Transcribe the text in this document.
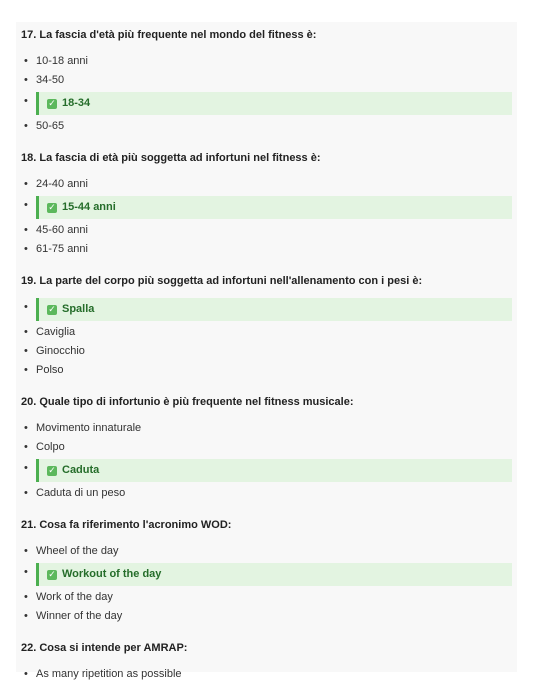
17. La fascia d'età più frequente nel mondo del fitness è:

• 10-18 anni
• 34-50
• ✓ 18-34
• 50-65

18. La fascia di età più soggetta ad infortuni nel fitness è:

• 24-40 anni
• ✓ 15-44 anni
• 45-60 anni
• 61-75 anni

19. La parte del corpo più soggetta ad infortuni nell'allenamento con i pesi è:

• ✓ Spalla
• Caviglia
• Ginocchio
• Polso

20. Quale tipo di infortunio è più frequente nel fitness musicale:

• Movimento innaturale
• Colpo
• ✓ Caduta
• Caduta di un peso

21. Cosa fa riferimento l'acronimo WOD:

• Wheel of the day
• ✓ Workout of the day
• Work of the day
• Winner of the day

22. Cosa si intende per AMRAP:

• As many ripetition as possible
